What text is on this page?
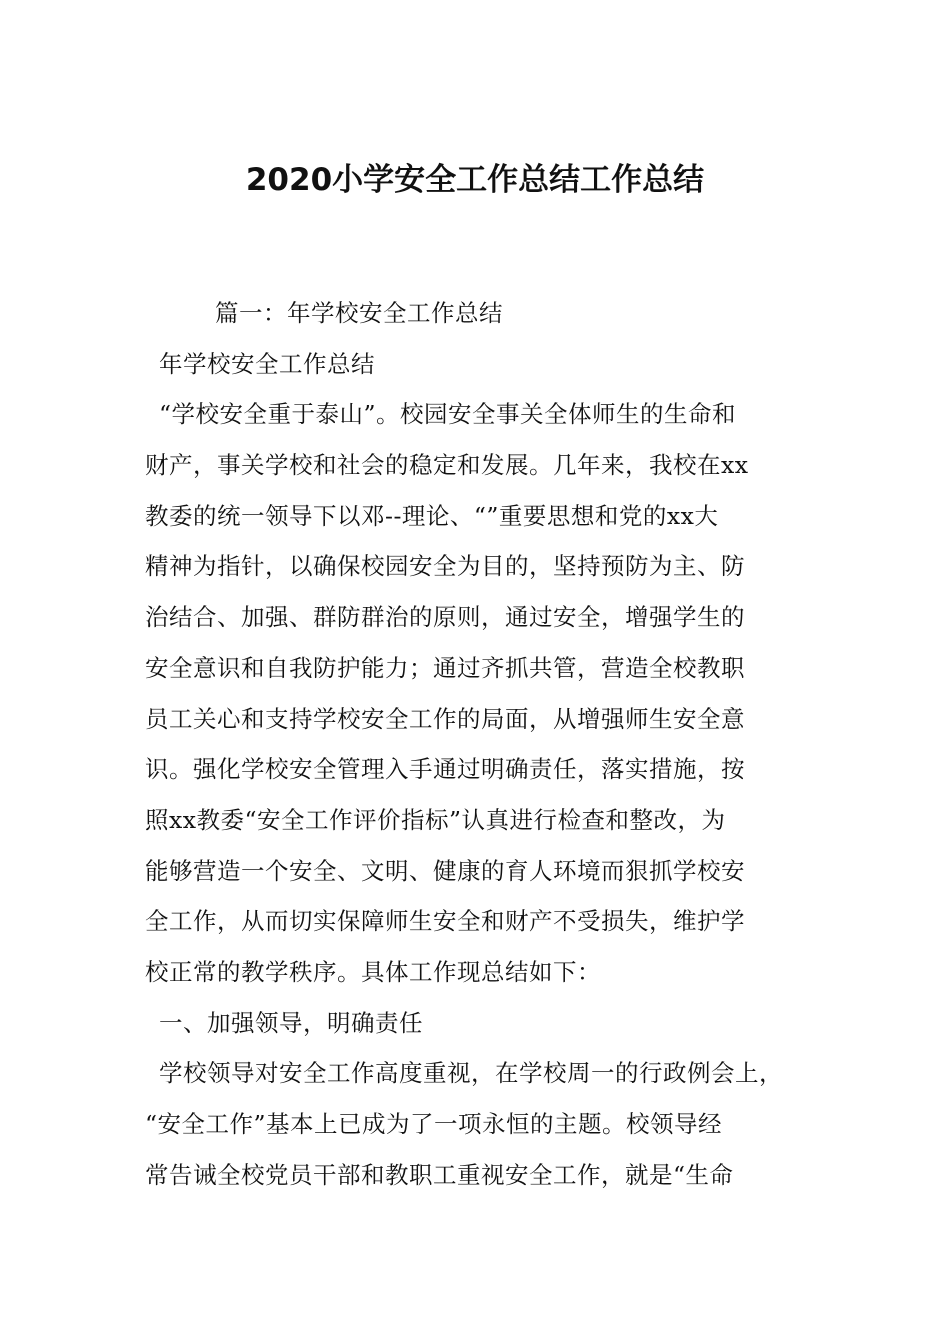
2020小学安全工作总结工作总结
篇一：年学校安全工作总结
年学校安全工作总结
“学校安全重于泰山”。校园安全事关全体师生的生命和
财产，事关学校和社会的稳定和发展。几年来，我校在xx
教委的统一领导下以邓--理论、“”重要思想和党的xx大
精神为指针，以确保校园安全为目的，坚持预防为主、防
治结合、加强、群防群治的原则，通过安全，增强学生的
安全意识和自我防护能力；通过齐抓共管，营造全校教职
员工关心和支持学校安全工作的局面，从增强师生安全意
识。强化学校安全管理入手通过明确责任，落实措施，按
照xx教委“安全工作评价指标”认真进行检查和整改，为
能够营造一个安全、文明、健康的育人环境而狠抓学校安
全工作，从而切实保障师生安全和财产不受损失，维护学
校正常的教学秩序。具体工作现总结如下：
一、加强领导，明确责任
学校领导对安全工作高度重视，在学校周一的行政例会上，
“安全工作”基本上已成为了一项永恒的主题。校领导经
常告诫全校党员干部和教职工重视安全工作，就是“生命
